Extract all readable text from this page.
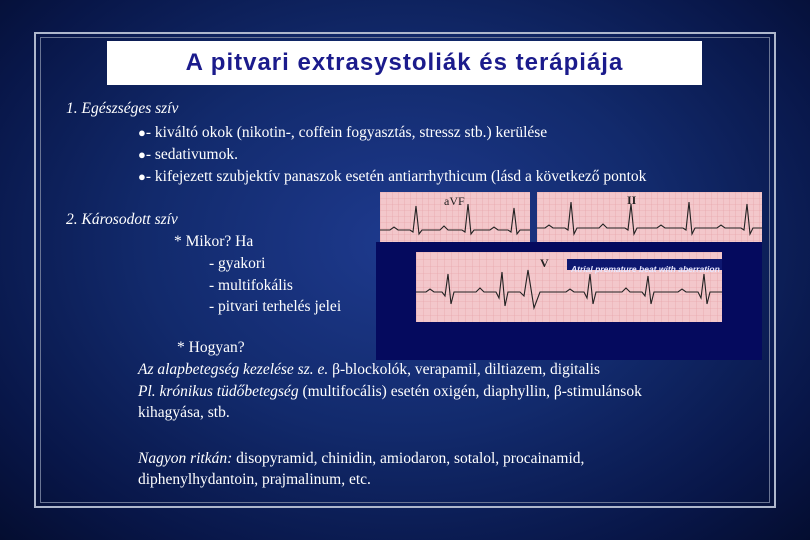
A pitvari extrasystoliák és terápiája
aVF	II
V	Atrial premature beat with aberration
1. Egészséges szív
●- kiváltó okok (nikotin-, coffein fogyasztás, stressz stb.) kerülése
●- sedativumok.
●- kifejezett szubjektív panaszok esetén antiarrhythicum (lásd a következő pontok
2. Károsodott szív
* Mikor? Ha
- gyakori
- multifokális
- pitvari terhelés jelei
* Hogyan?
Az alapbetegség kezelése sz. e. β-blockolók, verapamil, diltiazem, digitalis
Pl. krónikus tüdőbetegség (multifocális) esetén oxigén, diaphyllin, β-stimulánsok
kihagyása, stb.
Nagyon ritkán: disopyramid, chinidin, amiodaron, sotalol, procainamid,
diphenylhydantoin, prajmalinum, etc.
